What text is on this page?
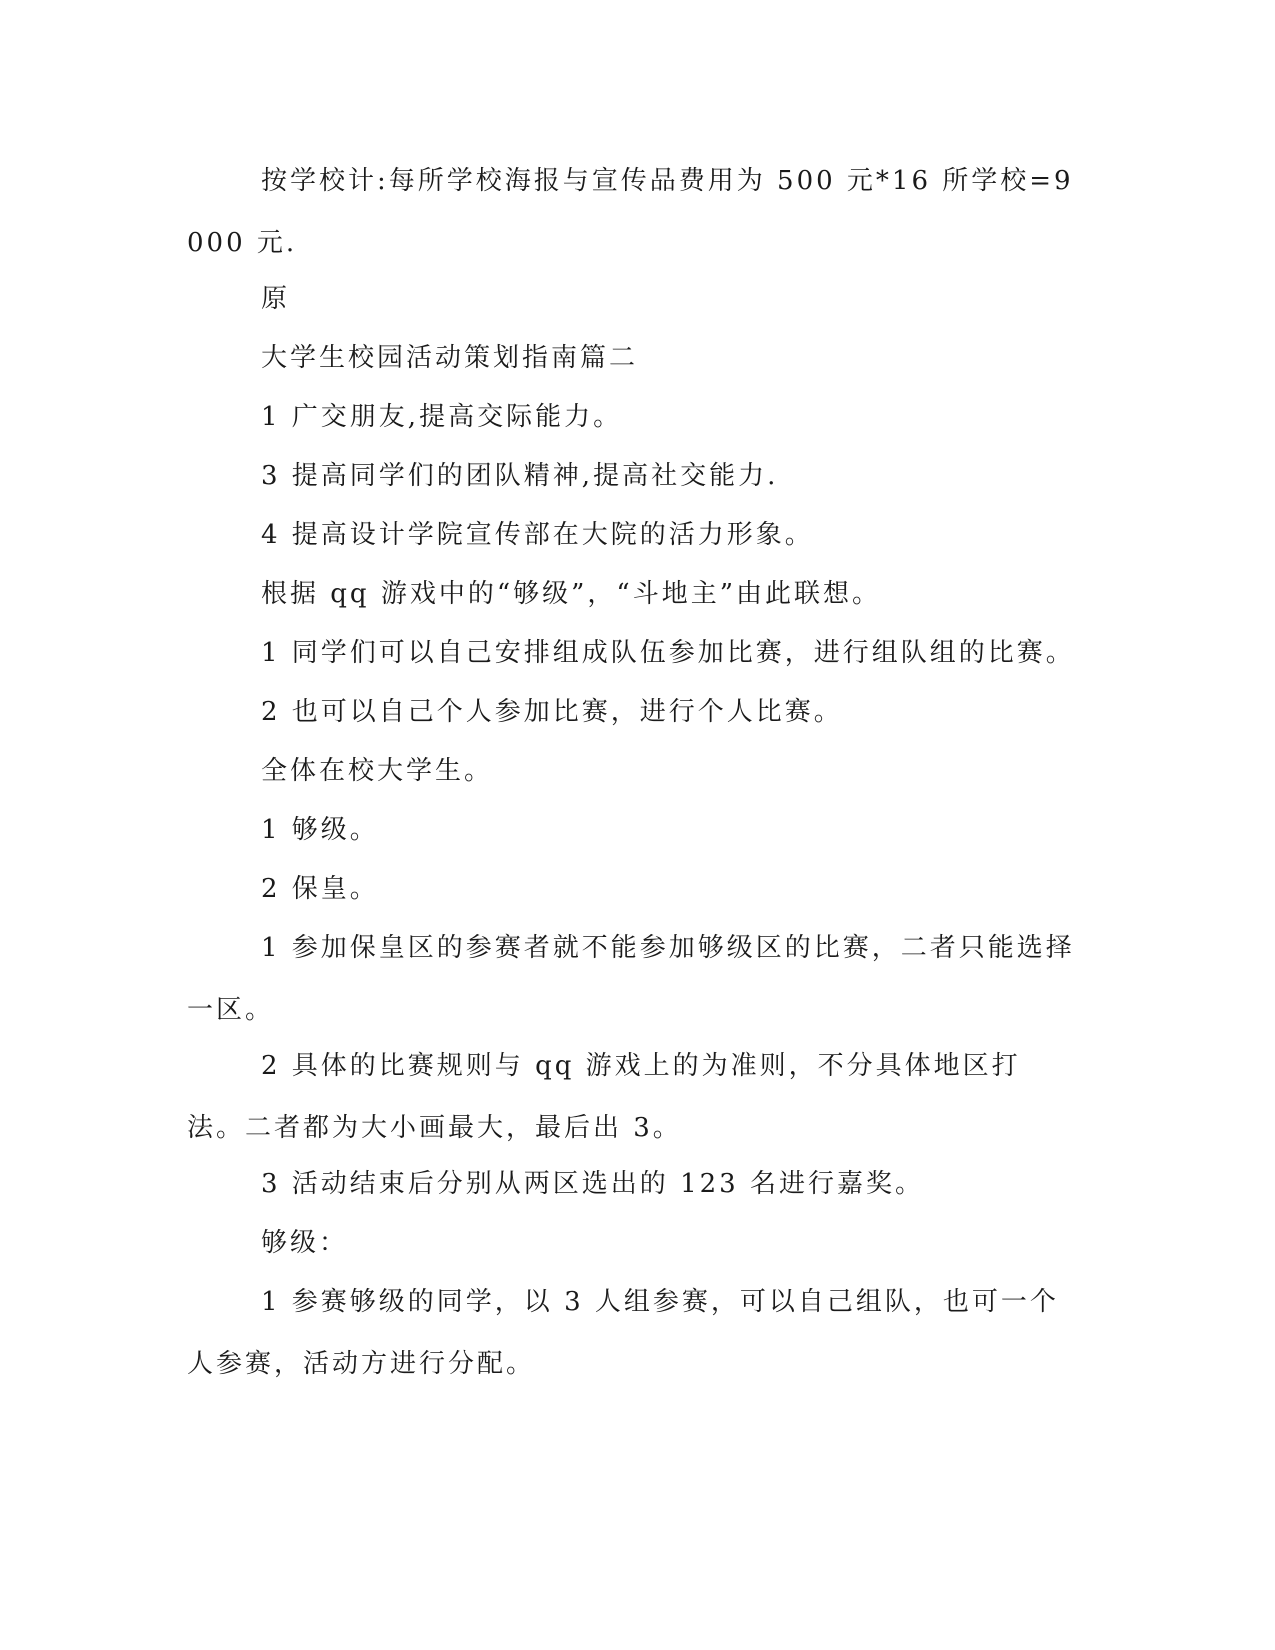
按学校计:每所学校海报与宣传品费用为 500 元*16 所学校=9000 元.

原

大学生校园活动策划指南篇二

1 广交朋友,提高交际能力。

3 提高同学们的团队精神,提高社交能力.

4 提高设计学院宣传部在大院的活力形象。

根据 qq 游戏中的“够级”，“斗地主”由此联想。

1 同学们可以自己安排组成队伍参加比赛，进行组队组的比赛。

2 也可以自己个人参加比赛，进行个人比赛。

全体在校大学生。

1 够级。

2 保皇。

1 参加保皇区的参赛者就不能参加够级区的比赛，二者只能选择一区。

2 具体的比赛规则与 qq 游戏上的为准则，不分具体地区打法。二者都为大小画最大，最后出 3。

3 活动结束后分别从两区选出的 123 名进行嘉奖。

够级：

1 参赛够级的同学，以 3 人组参赛，可以自己组队，也可一个人参赛，活动方进行分配。
